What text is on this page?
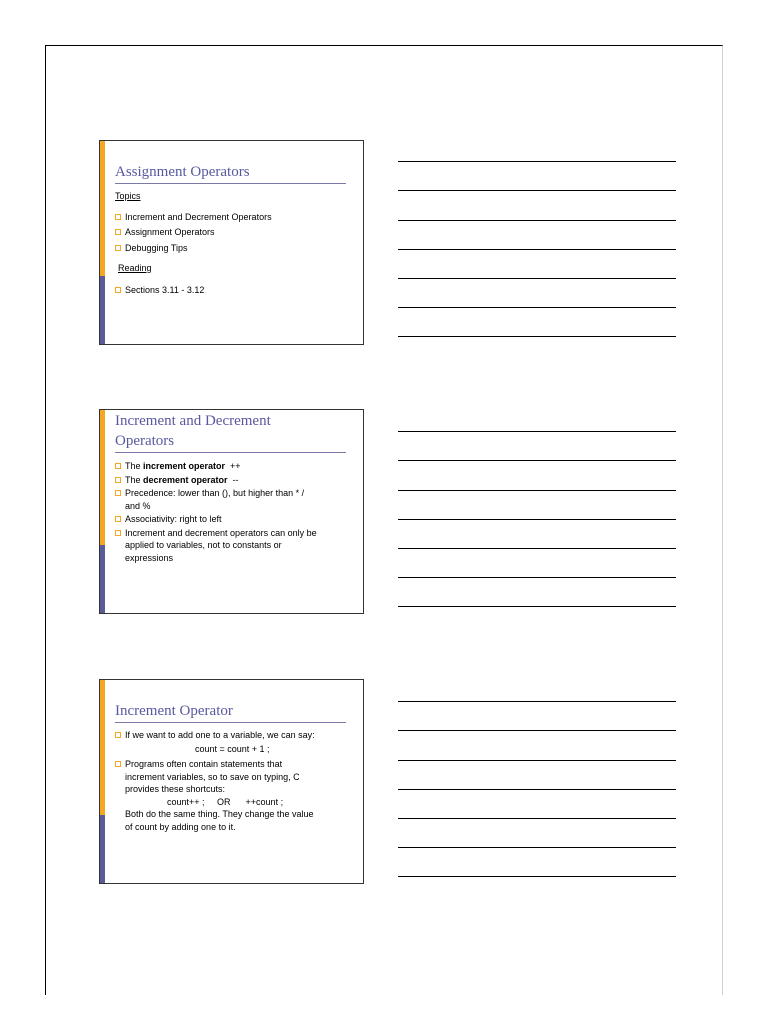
Assignment Operators
Topics
Increment and Decrement Operators
Assignment Operators
Debugging Tips
Reading
Sections 3.11 - 3.12
Increment and Decrement
Operators
The increment operator  ++
The decrement operator  --
Precedence: lower than (), but higher than * /
and %
Associativity: right to left
Increment and decrement operators can only be
applied to variables, not to constants or
expressions
Increment Operator
If we want to add one to a variable, we can say:
count = count + 1 ;
Programs often contain statements that
increment variables, so to save on typing, C
provides these shortcuts:
count++ ;     OR      ++count ;
Both do the same thing. They change the value
of count by adding one to it.
